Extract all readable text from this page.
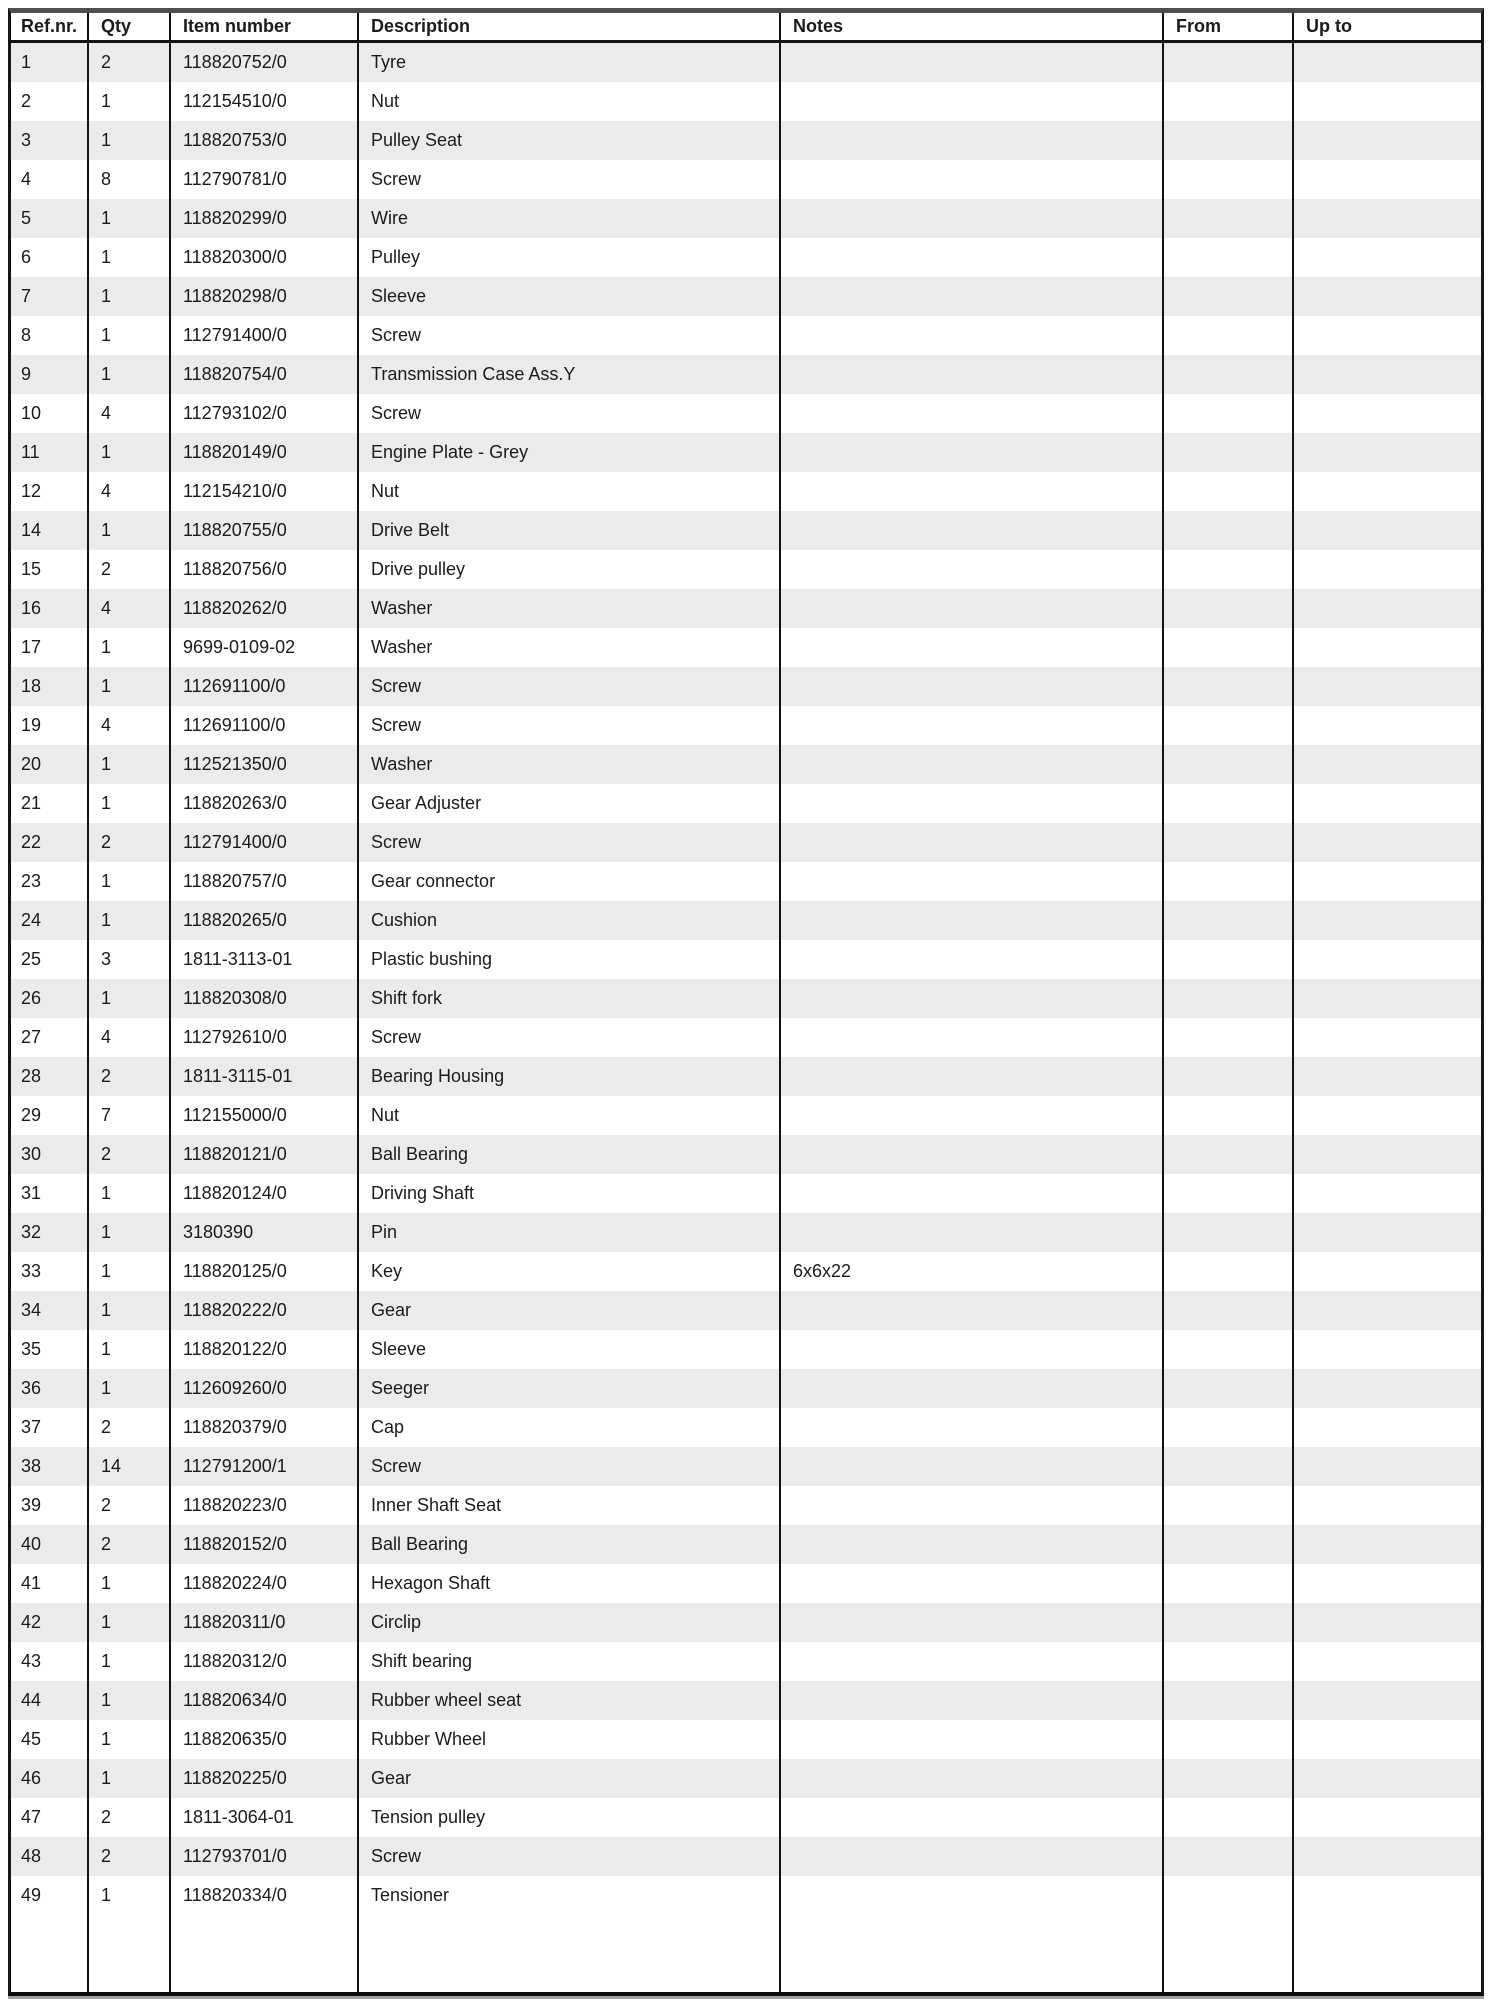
Ref.nr.	Qty	Item number	Description	Notes	From	Up to
1	2	118820752/0	Tyre
2	1	112154510/0	Nut
3	1	118820753/0	Pulley Seat
4	8	112790781/0	Screw
5	1	118820299/0	Wire
6	1	118820300/0	Pulley
7	1	118820298/0	Sleeve
8	1	112791400/0	Screw
9	1	118820754/0	Transmission Case Ass.Y
10	4	112793102/0	Screw
11	1	118820149/0	Engine Plate - Grey
12	4	112154210/0	Nut
14	1	118820755/0	Drive Belt
15	2	118820756/0	Drive pulley
16	4	118820262/0	Washer
17	1	9699-0109-02	Washer
18	1	112691100/0	Screw
19	4	112691100/0	Screw
20	1	112521350/0	Washer
21	1	118820263/0	Gear Adjuster
22	2	112791400/0	Screw
23	1	118820757/0	Gear connector
24	1	118820265/0	Cushion
25	3	1811-3113-01	Plastic bushing
26	1	118820308/0	Shift fork
27	4	112792610/0	Screw
28	2	1811-3115-01	Bearing Housing
29	7	112155000/0	Nut
30	2	118820121/0	Ball Bearing
31	1	118820124/0	Driving Shaft
32	1	3180390	Pin
33	1	118820125/0	Key	6x6x22
34	1	118820222/0	Gear
35	1	118820122/0	Sleeve
36	1	112609260/0	Seeger
37	2	118820379/0	Cap
38	14	112791200/1	Screw
39	2	118820223/0	Inner Shaft Seat
40	2	118820152/0	Ball Bearing
41	1	118820224/0	Hexagon Shaft
42	1	118820311/0	Circlip
43	1	118820312/0	Shift bearing
44	1	118820634/0	Rubber wheel seat
45	1	118820635/0	Rubber Wheel
46	1	118820225/0	Gear
47	2	1811-3064-01	Tension pulley
48	2	112793701/0	Screw
49	1	118820334/0	Tensioner
